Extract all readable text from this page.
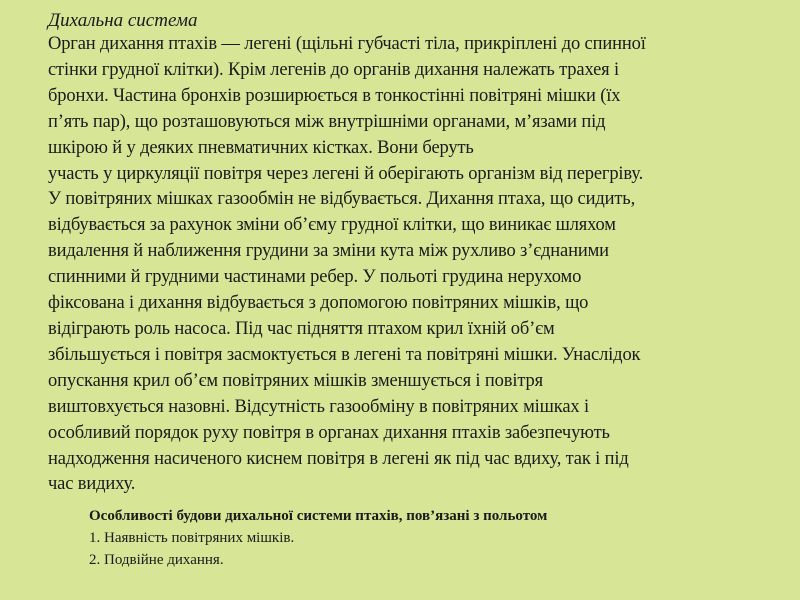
Дихальна система
Орган дихання птахів — легені (щільні губчасті тіла, прикріплені до спинної
стінки грудної клітки). Крім легенів до органів дихання належать трахея і
бронхи. Частина бронхів розширюється в тонкостінні повітряні мішки (їх
п’ять пар), що розташовуються між внутрішніми органами, м’язами під
шкірою й у деяких пневматичних кістках. Вони беруть
участь у циркуляції повітря через легені й оберігають організм від перегріву.
У повітряних мішках газообмін не відбувається. Дихання птаха, що сидить,
відбувається за рахунок зміни об’єму грудної клітки, що виникає шляхом
видалення й наближення грудини за зміни кута між рухливо з’єднаними
спинними й грудними частинами ребер. У польоті грудина нерухомо
фіксована і дихання відбувається з допомогою повітряних мішків, що
відіграють роль насоса. Під час підняття птахом крил їхній об’єм
збільшується і повітря засмоктується в легені та повітряні мішки. Унаслідок
опускання крил об’єм повітряних мішків зменшується і повітря
виштовхується назовні. Відсутність газообміну в повітряних мішках і
особливий порядок руху повітря в органах дихання птахів забезпечують
надходження насиченого киснем повітря в легені як під час вдиху, так і під
час видиху.
Особливості будови дихальної системи птахів, пов’язані з польотом
1. Наявність повітряних мішків.
2. Подвійне дихання.
